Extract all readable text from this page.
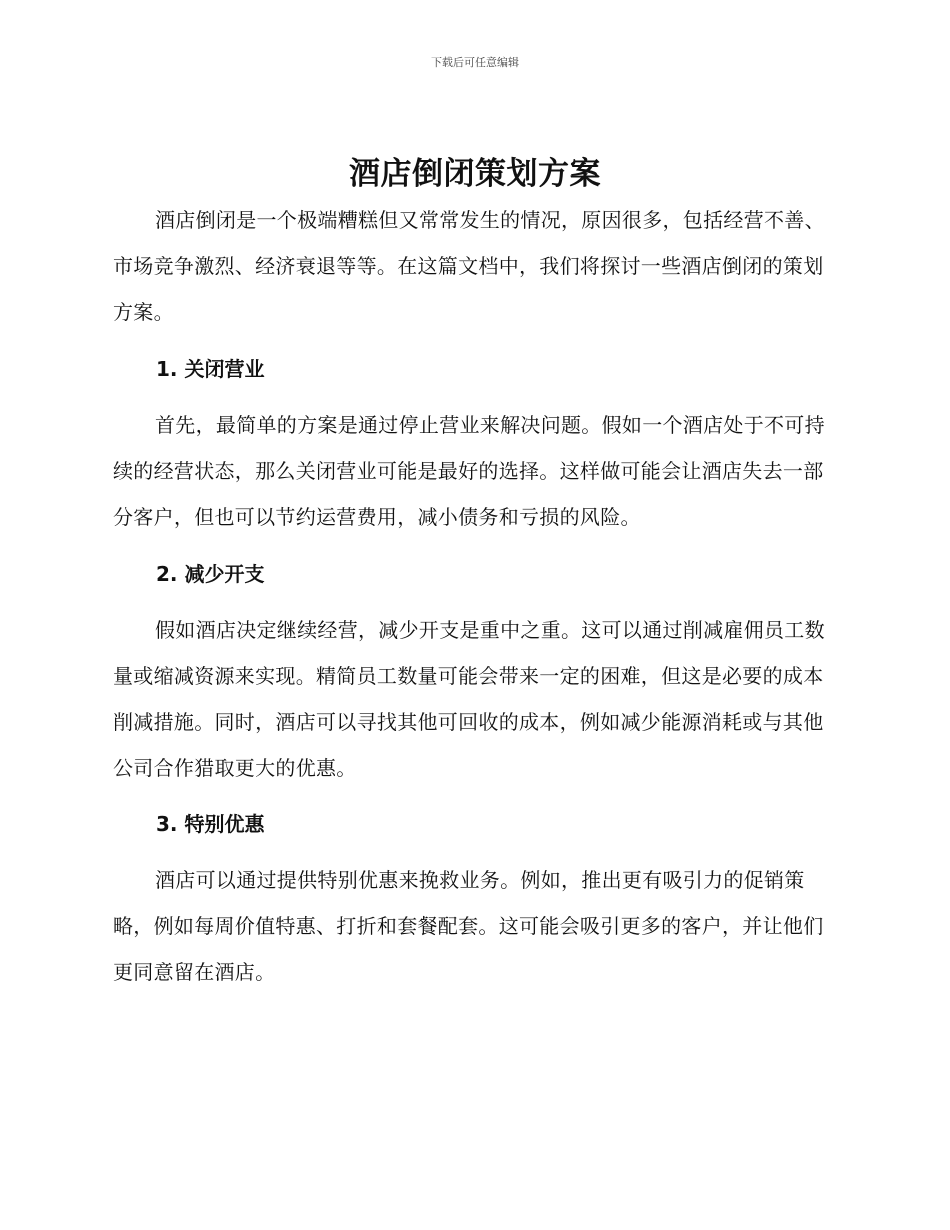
下载后可任意编辑
酒店倒闭策划方案

酒店倒闭是一个极端糟糕但又常常发生的情况，原因很多，包括经营不善、市场竞争激烈、经济衰退等等。在这篇文档中，我们将探讨一些酒店倒闭的策划方案。

1. 关闭营业

首先，最简单的方案是通过停止营业来解决问题。假如一个酒店处于不可持续的经营状态，那么关闭营业可能是最好的选择。这样做可能会让酒店失去一部分客户，但也可以节约运营费用，减小债务和亏损的风险。

2. 减少开支

假如酒店决定继续经营，减少开支是重中之重。这可以通过削减雇佣员工数量或缩减资源来实现。精简员工数量可能会带来一定的困难，但这是必要的成本削减措施。同时，酒店可以寻找其他可回收的成本，例如减少能源消耗或与其他公司合作猎取更大的优惠。

3. 特别优惠

酒店可以通过提供特别优惠来挽救业务。例如，推出更有吸引力的促销策略，例如每周价值特惠、打折和套餐配套。这可能会吸引更多的客户，并让他们更同意留在酒店。
